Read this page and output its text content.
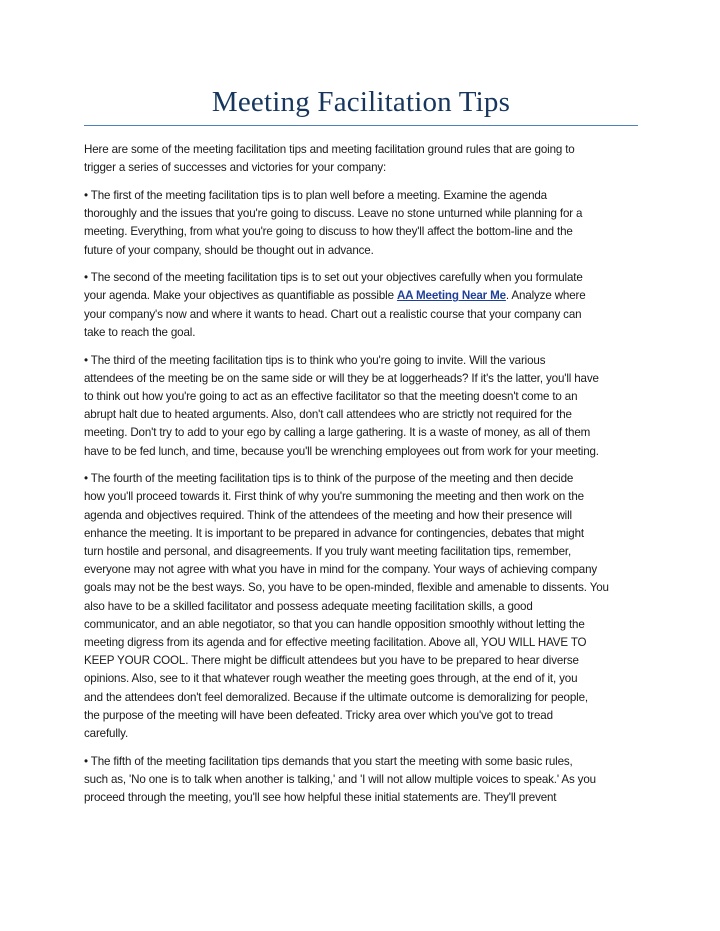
Meeting Facilitation Tips

Here are some of the meeting facilitation tips and meeting facilitation ground rules that are going to
trigger a series of successes and victories for your company:

• The first of the meeting facilitation tips is to plan well before a meeting. Examine the agenda
thoroughly and the issues that you're going to discuss. Leave no stone unturned while planning for a
meeting. Everything, from what you're going to discuss to how they'll affect the bottom-line and the
future of your company, should be thought out in advance.

• The second of the meeting facilitation tips is to set out your objectives carefully when you formulate
your agenda. Make your objectives as quantifiable as possible AA Meeting Near Me. Analyze where
your company's now and where it wants to head. Chart out a realistic course that your company can
take to reach the goal.

• The third of the meeting facilitation tips is to think who you're going to invite. Will the various
attendees of the meeting be on the same side or will they be at loggerheads? If it's the latter, you'll have
to think out how you're going to act as an effective facilitator so that the meeting doesn't come to an
abrupt halt due to heated arguments. Also, don't call attendees who are strictly not required for the
meeting. Don't try to add to your ego by calling a large gathering. It is a waste of money, as all of them
have to be fed lunch, and time, because you'll be wrenching employees out from work for your meeting.

• The fourth of the meeting facilitation tips is to think of the purpose of the meeting and then decide
how you'll proceed towards it. First think of why you're summoning the meeting and then work on the
agenda and objectives required. Think of the attendees of the meeting and how their presence will
enhance the meeting. It is important to be prepared in advance for contingencies, debates that might
turn hostile and personal, and disagreements. If you truly want meeting facilitation tips, remember,
everyone may not agree with what you have in mind for the company. Your ways of achieving company
goals may not be the best ways. So, you have to be open-minded, flexible and amenable to dissents. You
also have to be a skilled facilitator and possess adequate meeting facilitation skills, a good
communicator, and an able negotiator, so that you can handle opposition smoothly without letting the
meeting digress from its agenda and for effective meeting facilitation. Above all, YOU WILL HAVE TO
KEEP YOUR COOL. There might be difficult attendees but you have to be prepared to hear diverse
opinions. Also, see to it that whatever rough weather the meeting goes through, at the end of it, you
and the attendees don't feel demoralized. Because if the ultimate outcome is demoralizing for people,
the purpose of the meeting will have been defeated. Tricky area over which you've got to tread
carefully.

• The fifth of the meeting facilitation tips demands that you start the meeting with some basic rules,
such as, 'No one is to talk when another is talking,' and 'I will not allow multiple voices to speak.' As you
proceed through the meeting, you'll see how helpful these initial statements are. They'll prevent
